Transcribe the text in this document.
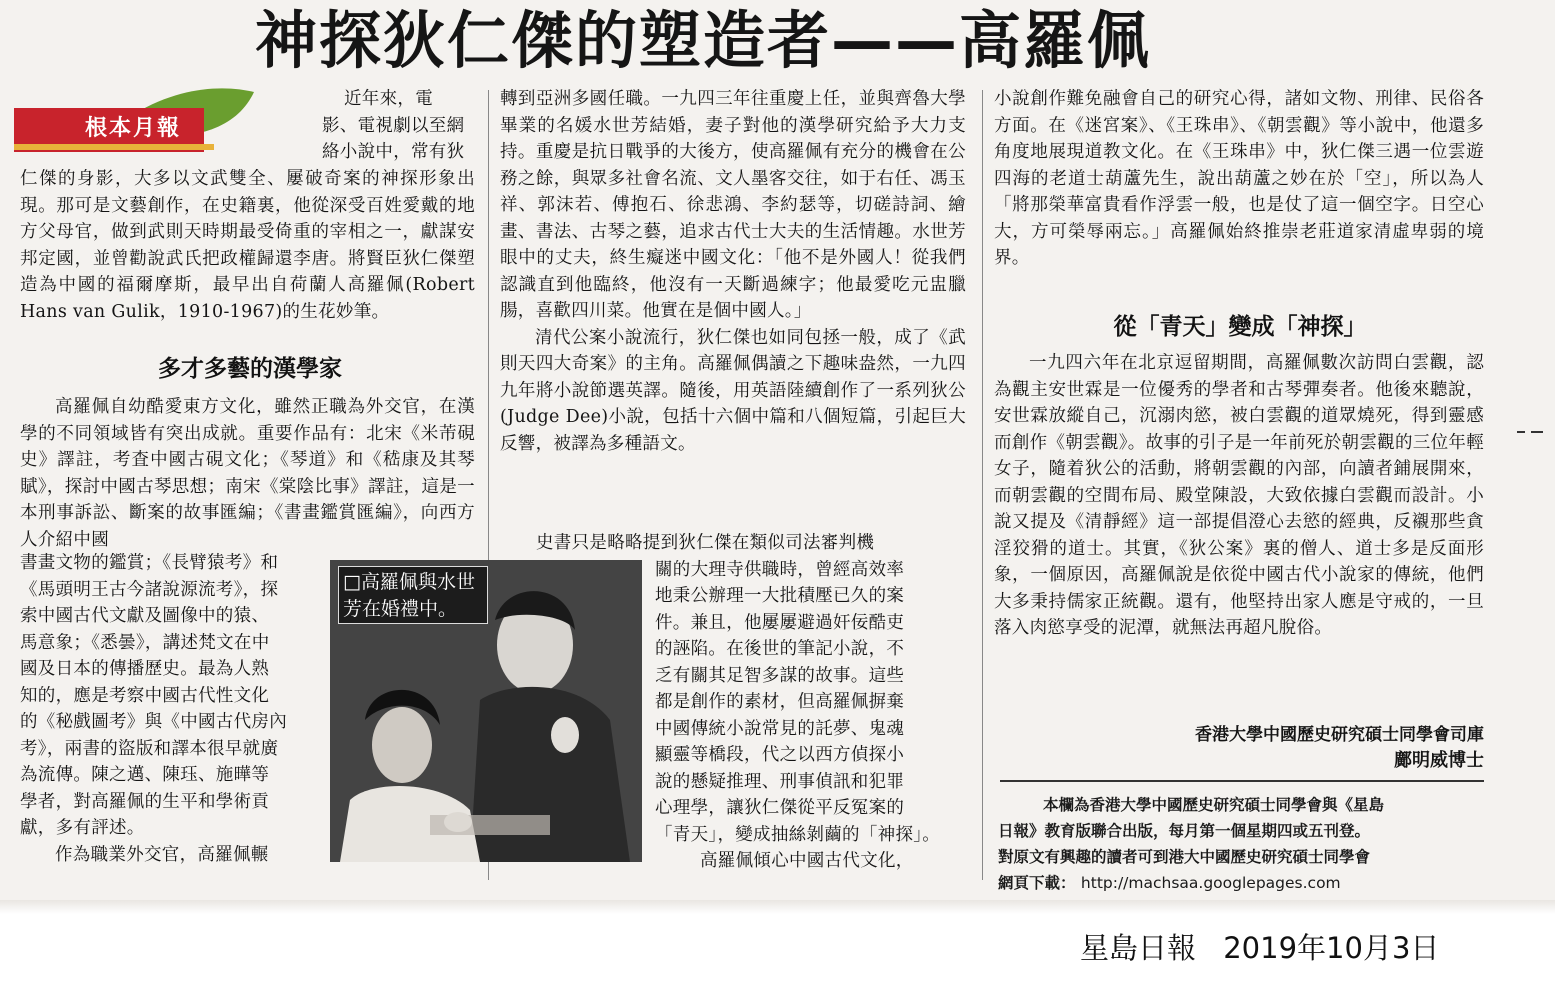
神探狄仁傑的塑造者——高羅佩
根本月報
近年來，電
影、電視劇以至網
絡小說中，常有狄

仁傑的身影，大多以文武雙全、屢破奇案的神探形象出現。那可是文藝創作，在史籍裏，他從深受百姓愛戴的地方父母官，做到武則天時期最受倚重的宰相之一，獻謀安邦定國，並曾勸說武氏把政權歸還李唐。將賢臣狄仁傑塑造為中國的福爾摩斯，最早出自荷蘭人高羅佩(Robert Hans van Gulik，1910-1967)的生花妙筆。

多才多藝的漢學家

高羅佩自幼酷愛東方文化，雖然正職為外交官，在漢學的不同領域皆有突出成就。重要作品有：北宋《米芾硯史》譯註，考査中國古硯文化；《琴道》和《嵇康及其琴賦》，探討中國古琴思想；南宋《棠陰比事》譯註，這是一本刑事訴訟、斷案的故事匯編；《書畫鑑賞匯編》，向西方人介紹中國

書畫文物的鑑賞；《長臂猿考》和
《馬頭明王古今諸說源流考》，探
索中國古代文獻及圖像中的猿、
馬意象；《悉曇》，講述梵文在中
國及日本的傳播歷史。最為人熟
知的，應是考察中國古代性文化
的《秘戲圖考》與《中國古代房內
考》，兩書的盜版和譯本很早就廣
為流傳。陳之邁、陳珏、施曄等
學者，對高羅佩的生平和學術貢
獻，多有評述。
作為職業外交官，高羅佩輾

轉到亞洲多國任職。一九四三年往重慶上任，並與齊魯大學畢業的名媛水世芳結婚，妻子對他的漢學研究給予大力支持。重慶是抗日戰爭的大後方，使高羅佩有充分的機會在公務之餘，與眾多社會名流、文人墨客交往，如于右任、馮玉祥、郭沫若、傅抱石、徐悲鴻、李約瑟等，切磋詩詞、繪畫、書法、古琴之藝，追求古代士大夫的生活情趣。水世芳眼中的丈夫，終生癡迷中國文化：「他不是外國人！從我們認識直到他臨終，他沒有一天斷過練字；他最愛吃元盅臘腸，喜歡四川菜。他實在是個中國人。」

清代公案小說流行，狄仁傑也如同包拯一般，成了《武則天四大奇案》的主角。高羅佩偶讀之下趣味盎然，一九四九年將小說節選英譯。隨後，用英語陸續創作了一系列狄公(Judge Dee)小說，包括十六個中篇和八個短篇，引起巨大反響，被譯為多種語文。

史書只是略略提到狄仁傑在類似司法審判機
關的大理寺供職時，曾經高效率
地秉公辦理一大批積壓已久的案
件。兼且，他屢屢避過奸佞酷吏
的誣陷。在後世的筆記小說，不
乏有關其足智多謀的故事。這些
都是創作的素材，但高羅佩摒棄
中國傳統小說常見的託夢、鬼魂
顯靈等橋段，代之以西方偵探小
說的懸疑推理、刑事偵訊和犯罪
心理學，讓狄仁傑從平反冤案的
「青天」，變成抽絲剝繭的「神探」。
高羅佩傾心中國古代文化，
□高羅佩與水世芳在婚禮中。

小說創作難免融會自己的研究心得，諸如文物、刑律、民俗各方面。在《迷宮案》、《王珠串》、《朝雲觀》等小說中，他還多角度地展現道教文化。在《王珠串》中，狄仁傑三遇一位雲遊四海的老道士葫蘆先生，說出葫蘆之妙在於「空」，所以為人「將那榮華富貴看作浮雲一般，也是仗了這一個空字。日空心大，方可榮辱兩忘。」高羅佩始終推崇老莊道家清虛卑弱的境界。

從「青天」變成「神探」

一九四六年在北京逗留期間，高羅佩數次訪問白雲觀，認為觀主安世霖是一位優秀的學者和古琴彈奏者。他後來聽說，安世霖放縱自己，沉溺肉慾，被白雲觀的道眾燒死，得到靈感而創作《朝雲觀》。故事的引子是一年前死於朝雲觀的三位年輕女子，隨着狄公的活動，將朝雲觀的內部，向讀者鋪展開來，而朝雲觀的空間布局、殿堂陳設，大致依據白雲觀而設計。小說又提及《清靜經》這一部提倡澄心去慾的經典，反襯那些貪淫狡猾的道士。其實，《狄公案》裏的僧人、道士多是反面形象，一個原因，高羅佩說是依從中國古代小說家的傳統，他們大多秉持儒家正統觀。還有，他堅持出家人應是守戒的，一旦落入肉慾享受的泥潭，就無法再超凡脫俗。

香港大學中國歷史研究碩士同學會司庫
鄺明威博士
本欄為香港大學中國歷史研究碩士同學會與《星島
日報》教育版聯合出版，每月第一個星期四或五刊登。
對原文有興趣的讀者可到港大中國歷史研究碩士同學會
網頁下載： http://machsaa.googlepages.com
星島日報 2019年10月3日
